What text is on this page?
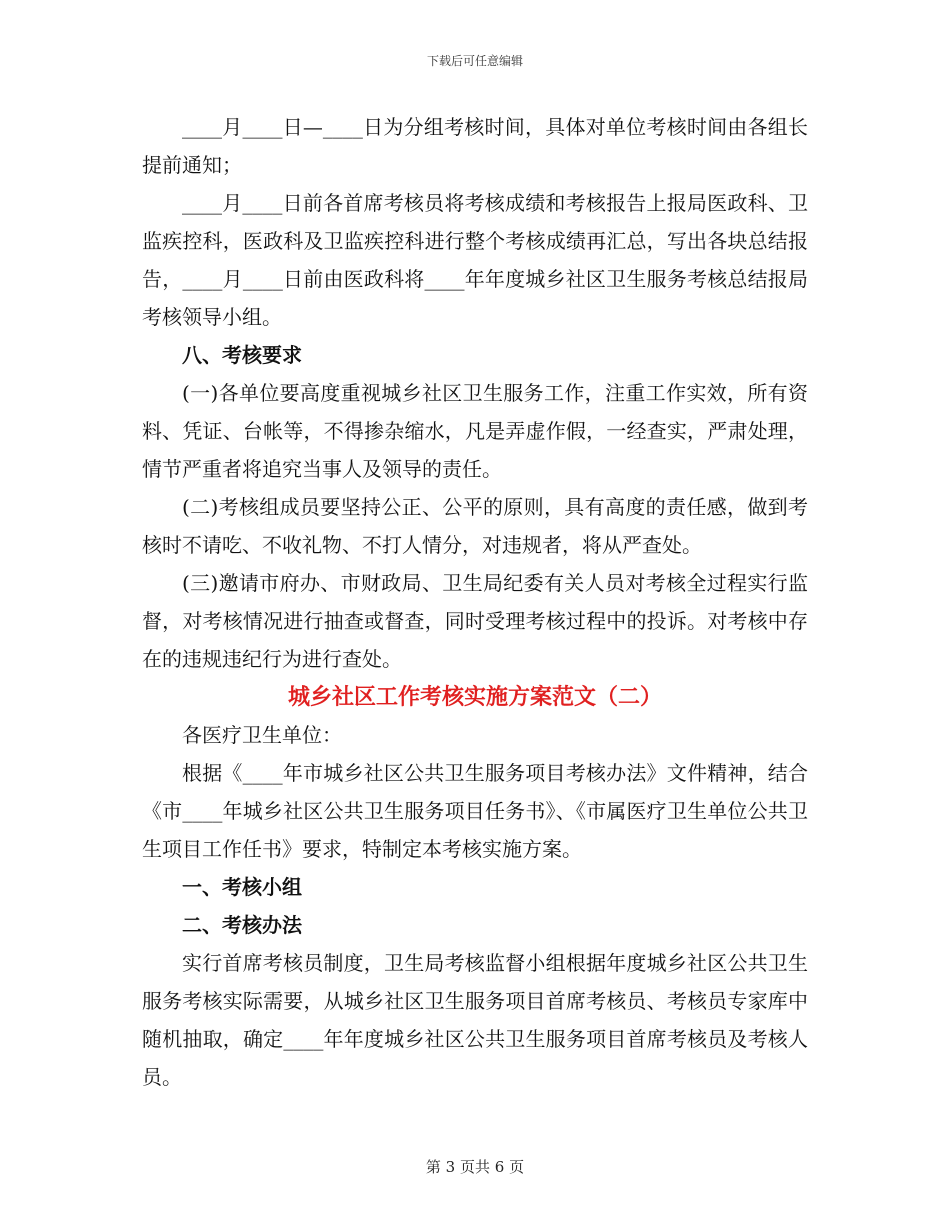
下载后可任意编辑

____月____日—____日为分组考核时间，具体对单位考核时间由各组长提前通知；

____月____日前各首席考核员将考核成绩和考核报告上报局医政科、卫监疾控科，医政科及卫监疾控科进行整个考核成绩再汇总，写出各块总结报告，____月____日前由医政科将____年年度城乡社区卫生服务考核总结报局考核领导小组。

八、考核要求

(一)各单位要高度重视城乡社区卫生服务工作，注重工作实效，所有资料、凭证、台帐等，不得掺杂缩水，凡是弄虚作假，一经查实，严肃处理，情节严重者将追究当事人及领导的责任。

(二)考核组成员要坚持公正、公平的原则，具有高度的责任感，做到考核时不请吃、不收礼物、不打人情分，对违规者，将从严查处。

(三)邀请市府办、市财政局、卫生局纪委有关人员对考核全过程实行监督，对考核情况进行抽查或督查，同时受理考核过程中的投诉。对考核中存在的违规违纪行为进行查处。

城乡社区工作考核实施方案范文（二）

各医疗卫生单位：

根据《____年市城乡社区公共卫生服务项目考核办法》文件精神，结合《市____年城乡社区公共卫生服务项目任务书》、《市属医疗卫生单位公共卫生项目工作任书》要求，特制定本考核实施方案。

一、考核小组

二、考核办法

实行首席考核员制度，卫生局考核监督小组根据年度城乡社区公共卫生服务考核实际需要，从城乡社区卫生服务项目首席考核员、考核员专家库中随机抽取，确定____年年度城乡社区公共卫生服务项目首席考核员及考核人员。

第 3 页共 6 页
